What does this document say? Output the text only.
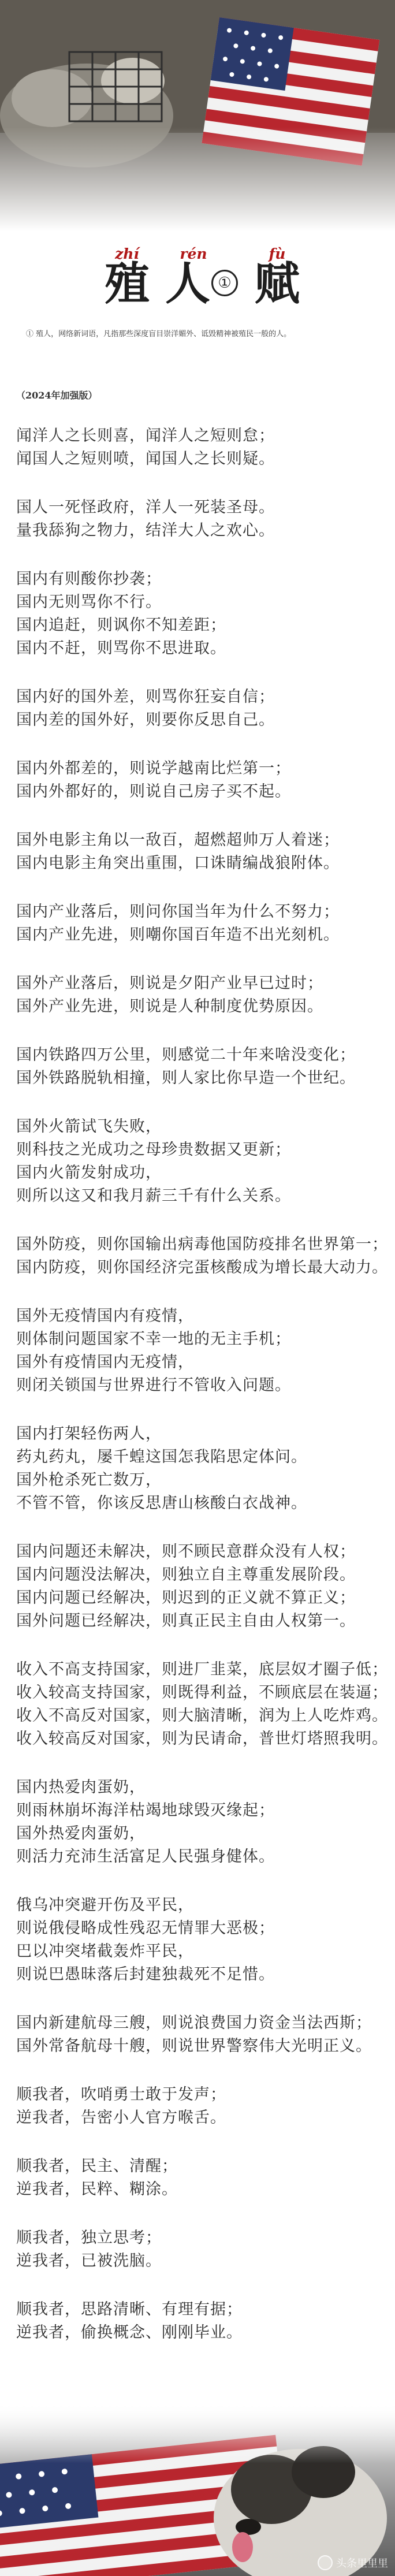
zhí	rén	fù
殖 人 ① 赋
① 殖人，网络新词语，凡指那些深度盲目崇洋媚外、诋毁精神被殖民一般的人。
（2024年加强版）
闻洋人之长则喜，闻洋人之短则怠；
闻国人之短则喷，闻国人之长则疑。
国人一死怪政府，洋人一死装圣母。
量我舔狗之物力，结洋大人之欢心。
国内有则酸你抄袭；
国内无则骂你不行。
国内追赶，则讽你不知差距；
国内不赶，则骂你不思进取。
国内好的国外差，则骂你狂妄自信；
国内差的国外好，则要你反思自己。
国内外都差的，则说学越南比烂第一；
国内外都好的，则说自己房子买不起。
国外电影主角以一敌百，超燃超帅万人着迷；
国内电影主角突出重围，口诛睛编战狼附体。
国内产业落后，则问你国当年为什么不努力；
国内产业先进，则嘲你国百年造不出光刻机。
国外产业落后，则说是夕阳产业早已过时；
国外产业先进，则说是人种制度优势原因。
国内铁路四万公里，则感觉二十年来啥没变化；
国外铁路脱轨相撞，则人家比你早造一个世纪。
国外火箭试飞失败，
则科技之光成功之母珍贵数据又更新；
国内火箭发射成功，
则所以这又和我月薪三千有什么关系。
国外防疫，则你国输出病毒他国防疫排名世界第一；
国内防疫，则你国经济完蛋核酸成为增长最大动力。
国外无疫情国内有疫情，
则体制问题国家不幸一地的无主手机；
国外有疫情国内无疫情，
则闭关锁国与世界进行不管收入问题。
国内打架轻伤两人，
药丸药丸，屡千蝗这国怎我陷思定体问。
国外枪杀死亡数万，
不管不管，你该反思唐山核酸白衣战神。
国内问题还未解决，则不顾民意群众没有人权；
国内问题没法解决，则独立自主尊重发展阶段。
国内问题已经解决，则迟到的正义就不算正义；
国外问题已经解决，则真正民主自由人权第一。
收入不高支持国家，则进厂韭菜，底层奴才圈子低；
收入较高支持国家，则既得利益，不顾底层在装逼；
收入不高反对国家，则大脑清晰，润为上人吃炸鸡。
收入较高反对国家，则为民请命，普世灯塔照我明。
国内热爱肉蛋奶，
则雨林崩坏海洋枯竭地球毁灭缘起；
国外热爱肉蛋奶，
则活力充沛生活富足人民强身健体。
俄乌冲突避开伤及平民，
则说俄侵略成性残忍无情罪大恶极；
巴以冲突堵截轰炸平民，
则说巴愚昧落后封建独裁死不足惜。
国内新建航母三艘，则说浪费国力资金当法西斯；
国外常备航母十艘，则说世界警察伟大光明正义。
顺我者，吹哨勇士敢于发声；
逆我者，告密小人官方喉舌。
顺我者，民主、清醒；
逆我者，民粹、糊涂。
顺我者，独立思考；
逆我者，已被洗脑。
顺我者，思路清晰、有理有据；
逆我者，偷换概念、刚刚毕业。
头条里里里
